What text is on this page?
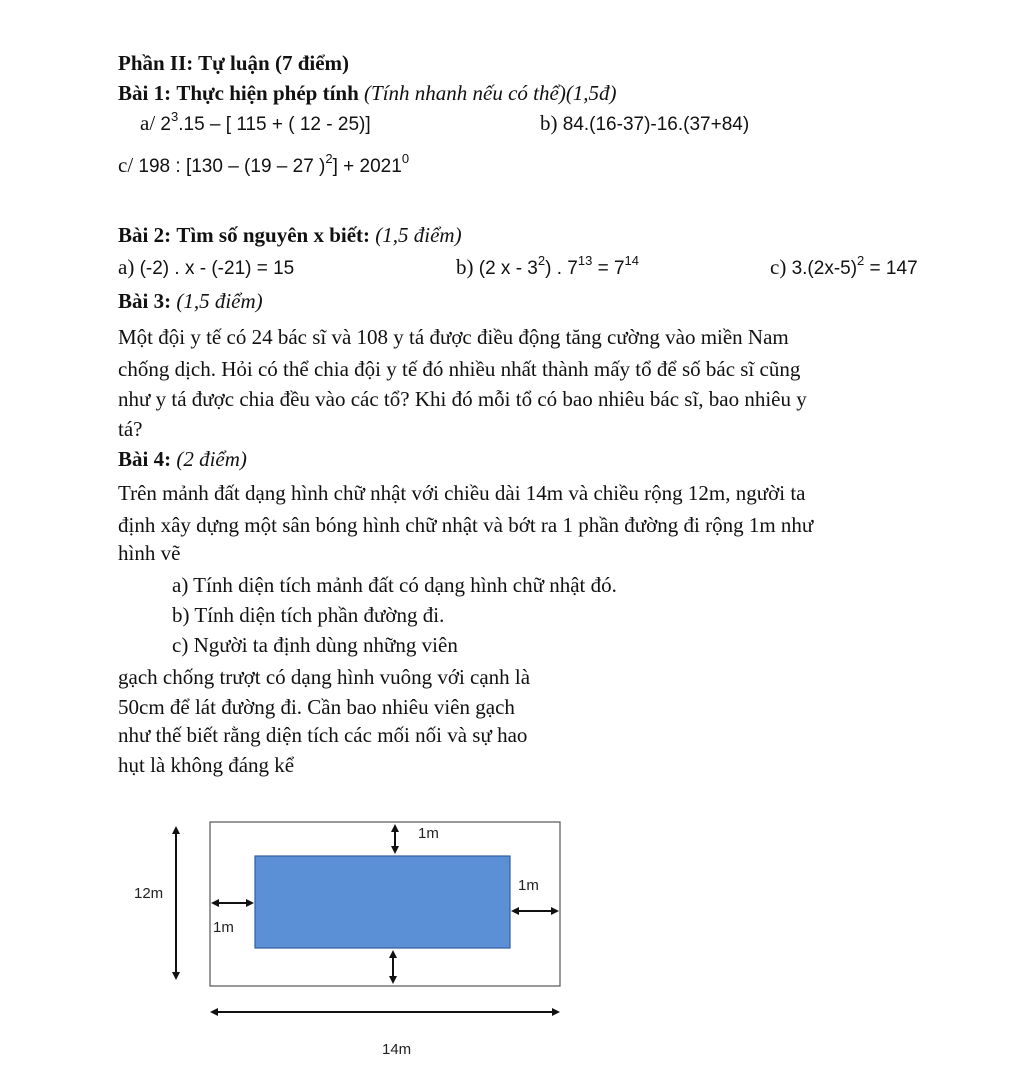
Phần II: Tự luận (7 điểm)
Bài 1: Thực hiện phép tính (Tính nhanh nếu có thể)(1,5đ)
a/ $2^3.15$ – [ 115 + ( 12 - 25)]	b) 84.(16-37)-16.(37+84)
c/ 198 : [130 – (19 – 27 )$^2] + 2021^0$
Bài 2: Tìm số nguyên x biết: (1,5 điểm)
a) (-2) . x - (-21) = 15	b) (2 x - $3^2$) . $7^{13} = 7^{14}$	c) $3.(2x-5)^2 = 147$
Bài 3: (1,5 điểm)
Một đội y tế có 24 bác sĩ và 108 y tá được điều động tăng cường vào miền Nam
chống dịch. Hỏi có thể chia đội y tế đó nhiều nhất thành mấy tổ để số bác sĩ cũng
như y tá được chia đều vào các tổ? Khi đó mỗi tổ có bao nhiêu bác sĩ, bao nhiêu y
tá?
Bài 4: (2 điểm)
Trên mảnh đất dạng hình chữ nhật với chiều dài 14m và chiều rộng 12m, người ta
định xây dựng một sân bóng hình chữ nhật và bớt ra 1 phần đường đi rộng 1m như
hình vẽ
a) Tính diện tích mảnh đất có dạng hình chữ nhật đó.
b) Tính diện tích phần đường đi.
c) Người ta định dùng những viên
gạch chống trượt có dạng hình vuông với cạnh là
50cm để lát đường đi. Cần bao nhiêu viên gạch
như thế biết rằng diện tích các mối nối và sự hao
hụt là không đáng kể
1m
1m
1m
12m
14m
